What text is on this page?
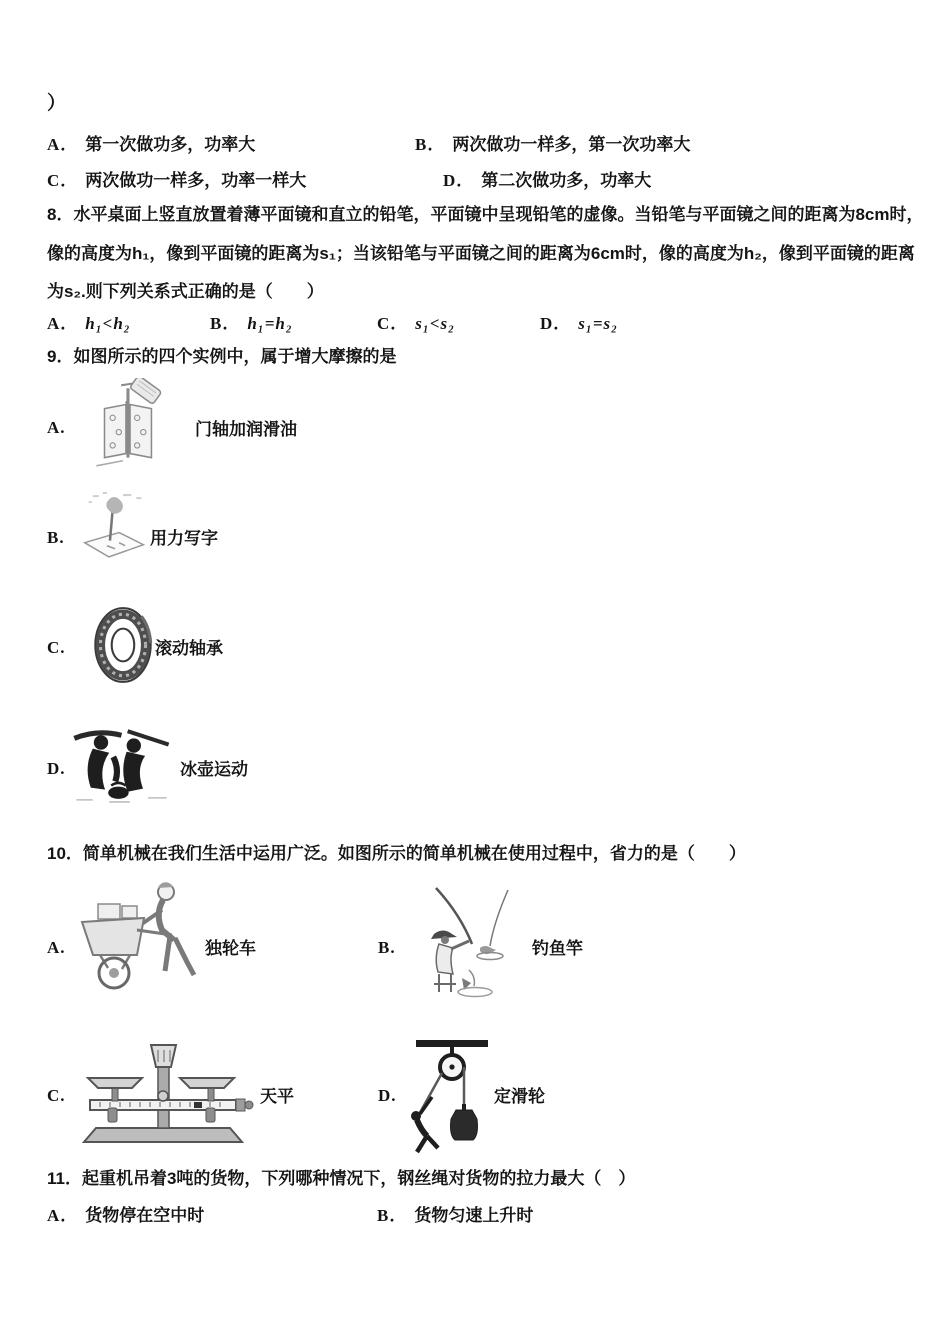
）
A． 第一次做功多，功率大	B． 两次做功一样多，第一次功率大
C． 两次做功一样多，功率一样大	D． 第二次做功多，功率大
8．水平桌面上竖直放置着薄平面镜和直立的铅笔，平面镜中呈现铅笔的虚像。当铅笔与平面镜之间的距离为8cm时，
像的高度为h₁，像到平面镜的距离为s₁；当该铅笔与平面镜之间的距离为6cm时，像的高度为h₂，像到平面镜的距离
为s₂.则下列关系式正确的是（　　）
A． h₁<h₂	B． h₁=h₂	C． s₁<s₂	D． s₁=s₂
9．如图所示的四个实例中，属于增大摩擦的是
A.	门轴加润滑油
B.	用力写字
C.	滚动轴承
D.	冰壶运动
10．简单机械在我们生活中运用广泛。如图所示的简单机械在使用过程中，省力的是（　　）
A.	独轮车	B.	钓鱼竿
C.	天平	D.	定滑轮
11．起重机吊着3吨的货物，下列哪种情况下，钢丝绳对货物的拉力最大（　）
A． 货物停在空中时	B． 货物匀速上升时
